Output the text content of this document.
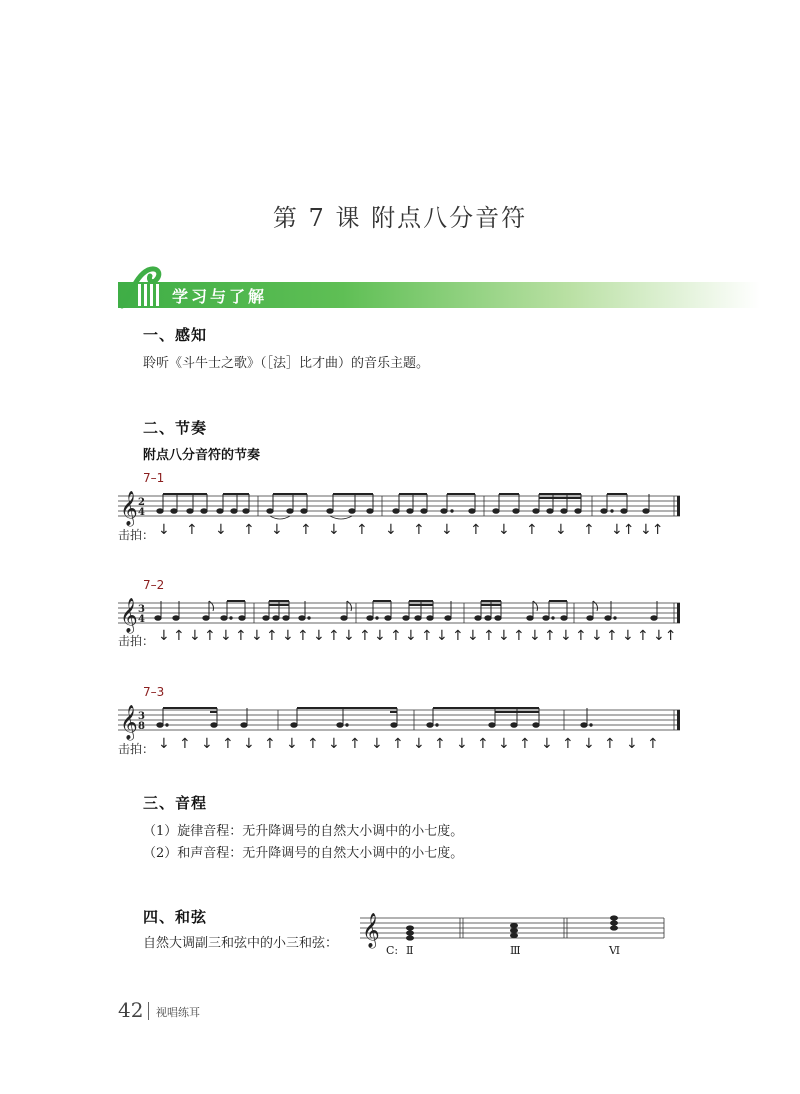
第 7 课 附点八分音符
学习与了解
一、感知
聆听《斗牛士之歌》（［法］比才曲）的音乐主题。
二、节奏
附点八分音符的节奏
7–1
𝄞 2
4
击拍： ↓ ↑ ↓ ↑ ↓ ↑ ↓ ↑ ↓ ↑ ↓ ↑ ↓ ↑ ↓ ↑ ↓↑ ↓↑
7–2
𝄞 3
4
击拍： ↓ ↑ ↓ ↑ ↓ ↑ ↓ ↑ ↓ ↑ ↓ ↑ ↓ ↑ ↓ ↑ ↓ ↑ ↓ ↑ ↓ ↑ ↓ ↑ ↓ ↑ ↓ ↑ ↓ ↑ ↓ ↑ ↓↑
7–3
𝄞 3
8
击拍： ↓ ↑ ↓ ↑ ↓ ↑ ↓ ↑ ↓ ↑ ↓ ↑ ↓ ↑ ↓ ↑ ↓ ↑ ↓ ↑ ↓ ↑ ↓ ↑
三、音程
（1）旋律音程：无升降调号的自然大小调中的小七度。
（2）和声音程：无升降调号的自然大小调中的小七度。
四、和弦
自然大调副三和弦中的小三和弦： 𝄞
C: Ⅱ	Ⅲ	Ⅵ
42 视唱练耳
